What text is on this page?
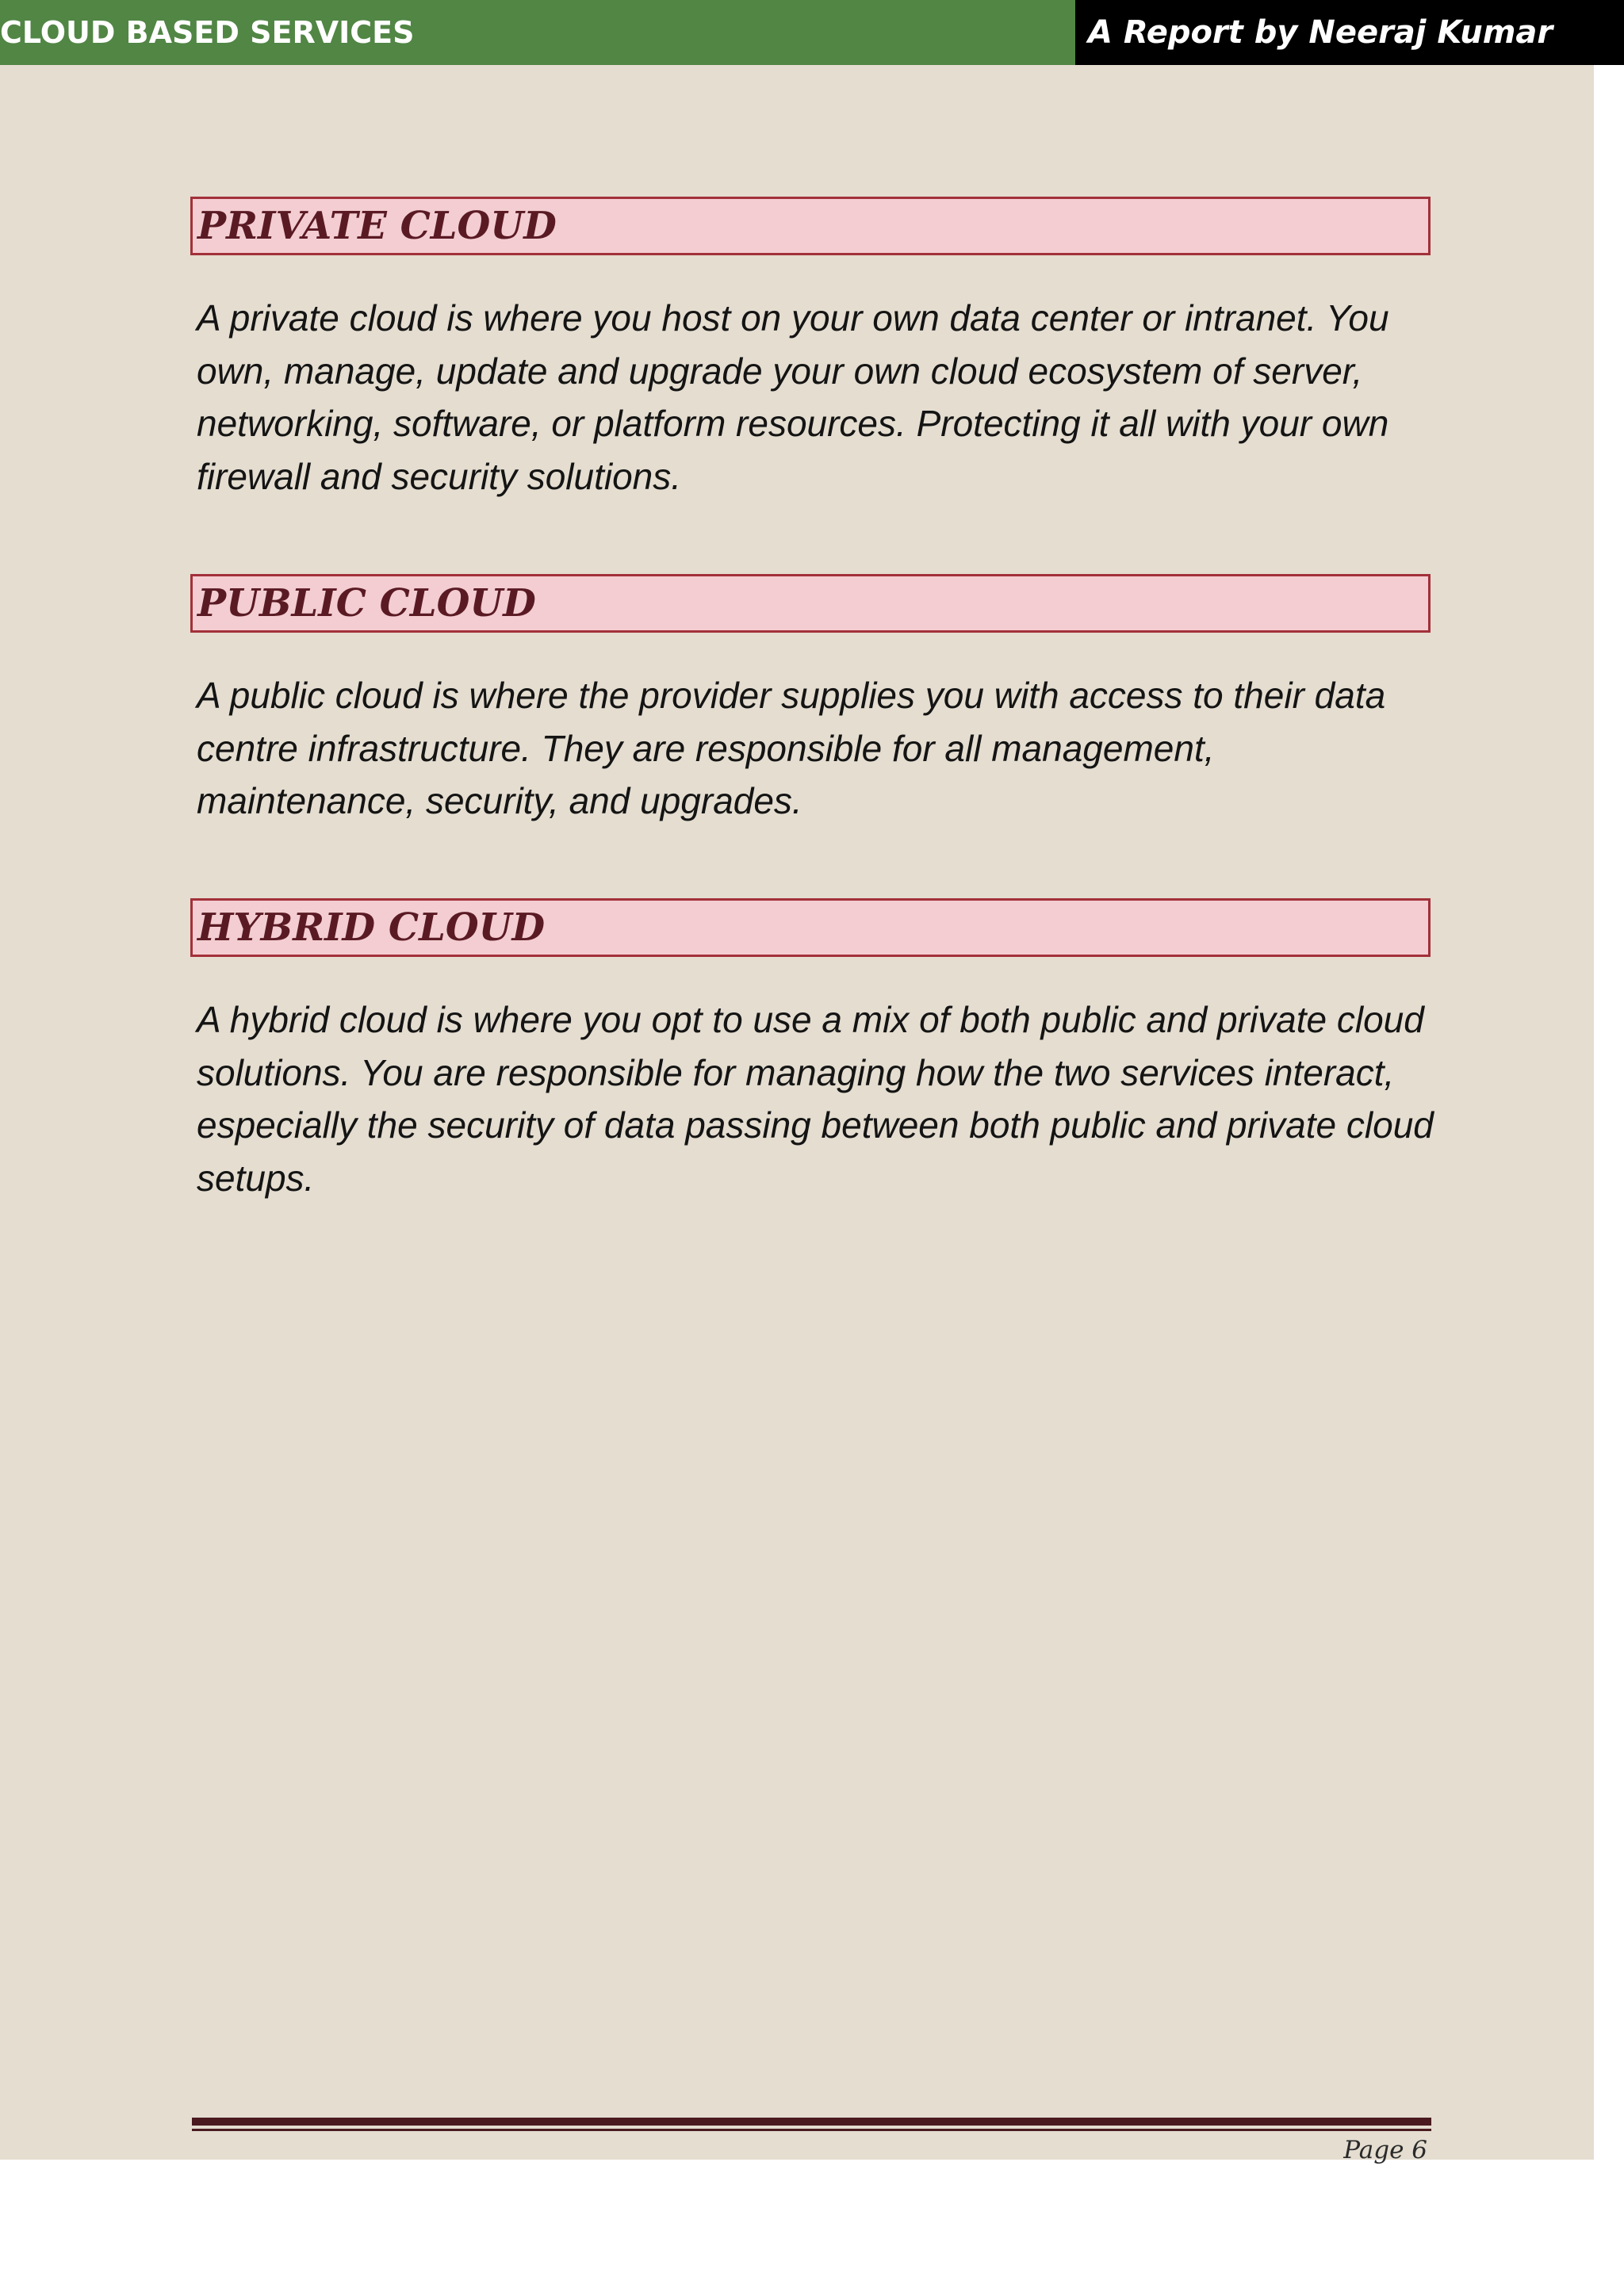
CLOUD BASED SERVICES	A Report by Neeraj Kumar
PRIVATE CLOUD

A private cloud is where you host on your own data center or intranet. You own, manage, update and upgrade your own cloud ecosystem of server, networking, software, or platform resources. Protecting it all with your own firewall and security solutions.

PUBLIC CLOUD

A public cloud is where the provider supplies you with access to their data centre infrastructure. They are responsible for all management, maintenance, security, and upgrades.

HYBRID CLOUD

A hybrid cloud is where you opt to use a mix of both public and private cloud solutions. You are responsible for managing how the two services interact, especially the security of data passing between both public and private cloud setups.

Page 6
